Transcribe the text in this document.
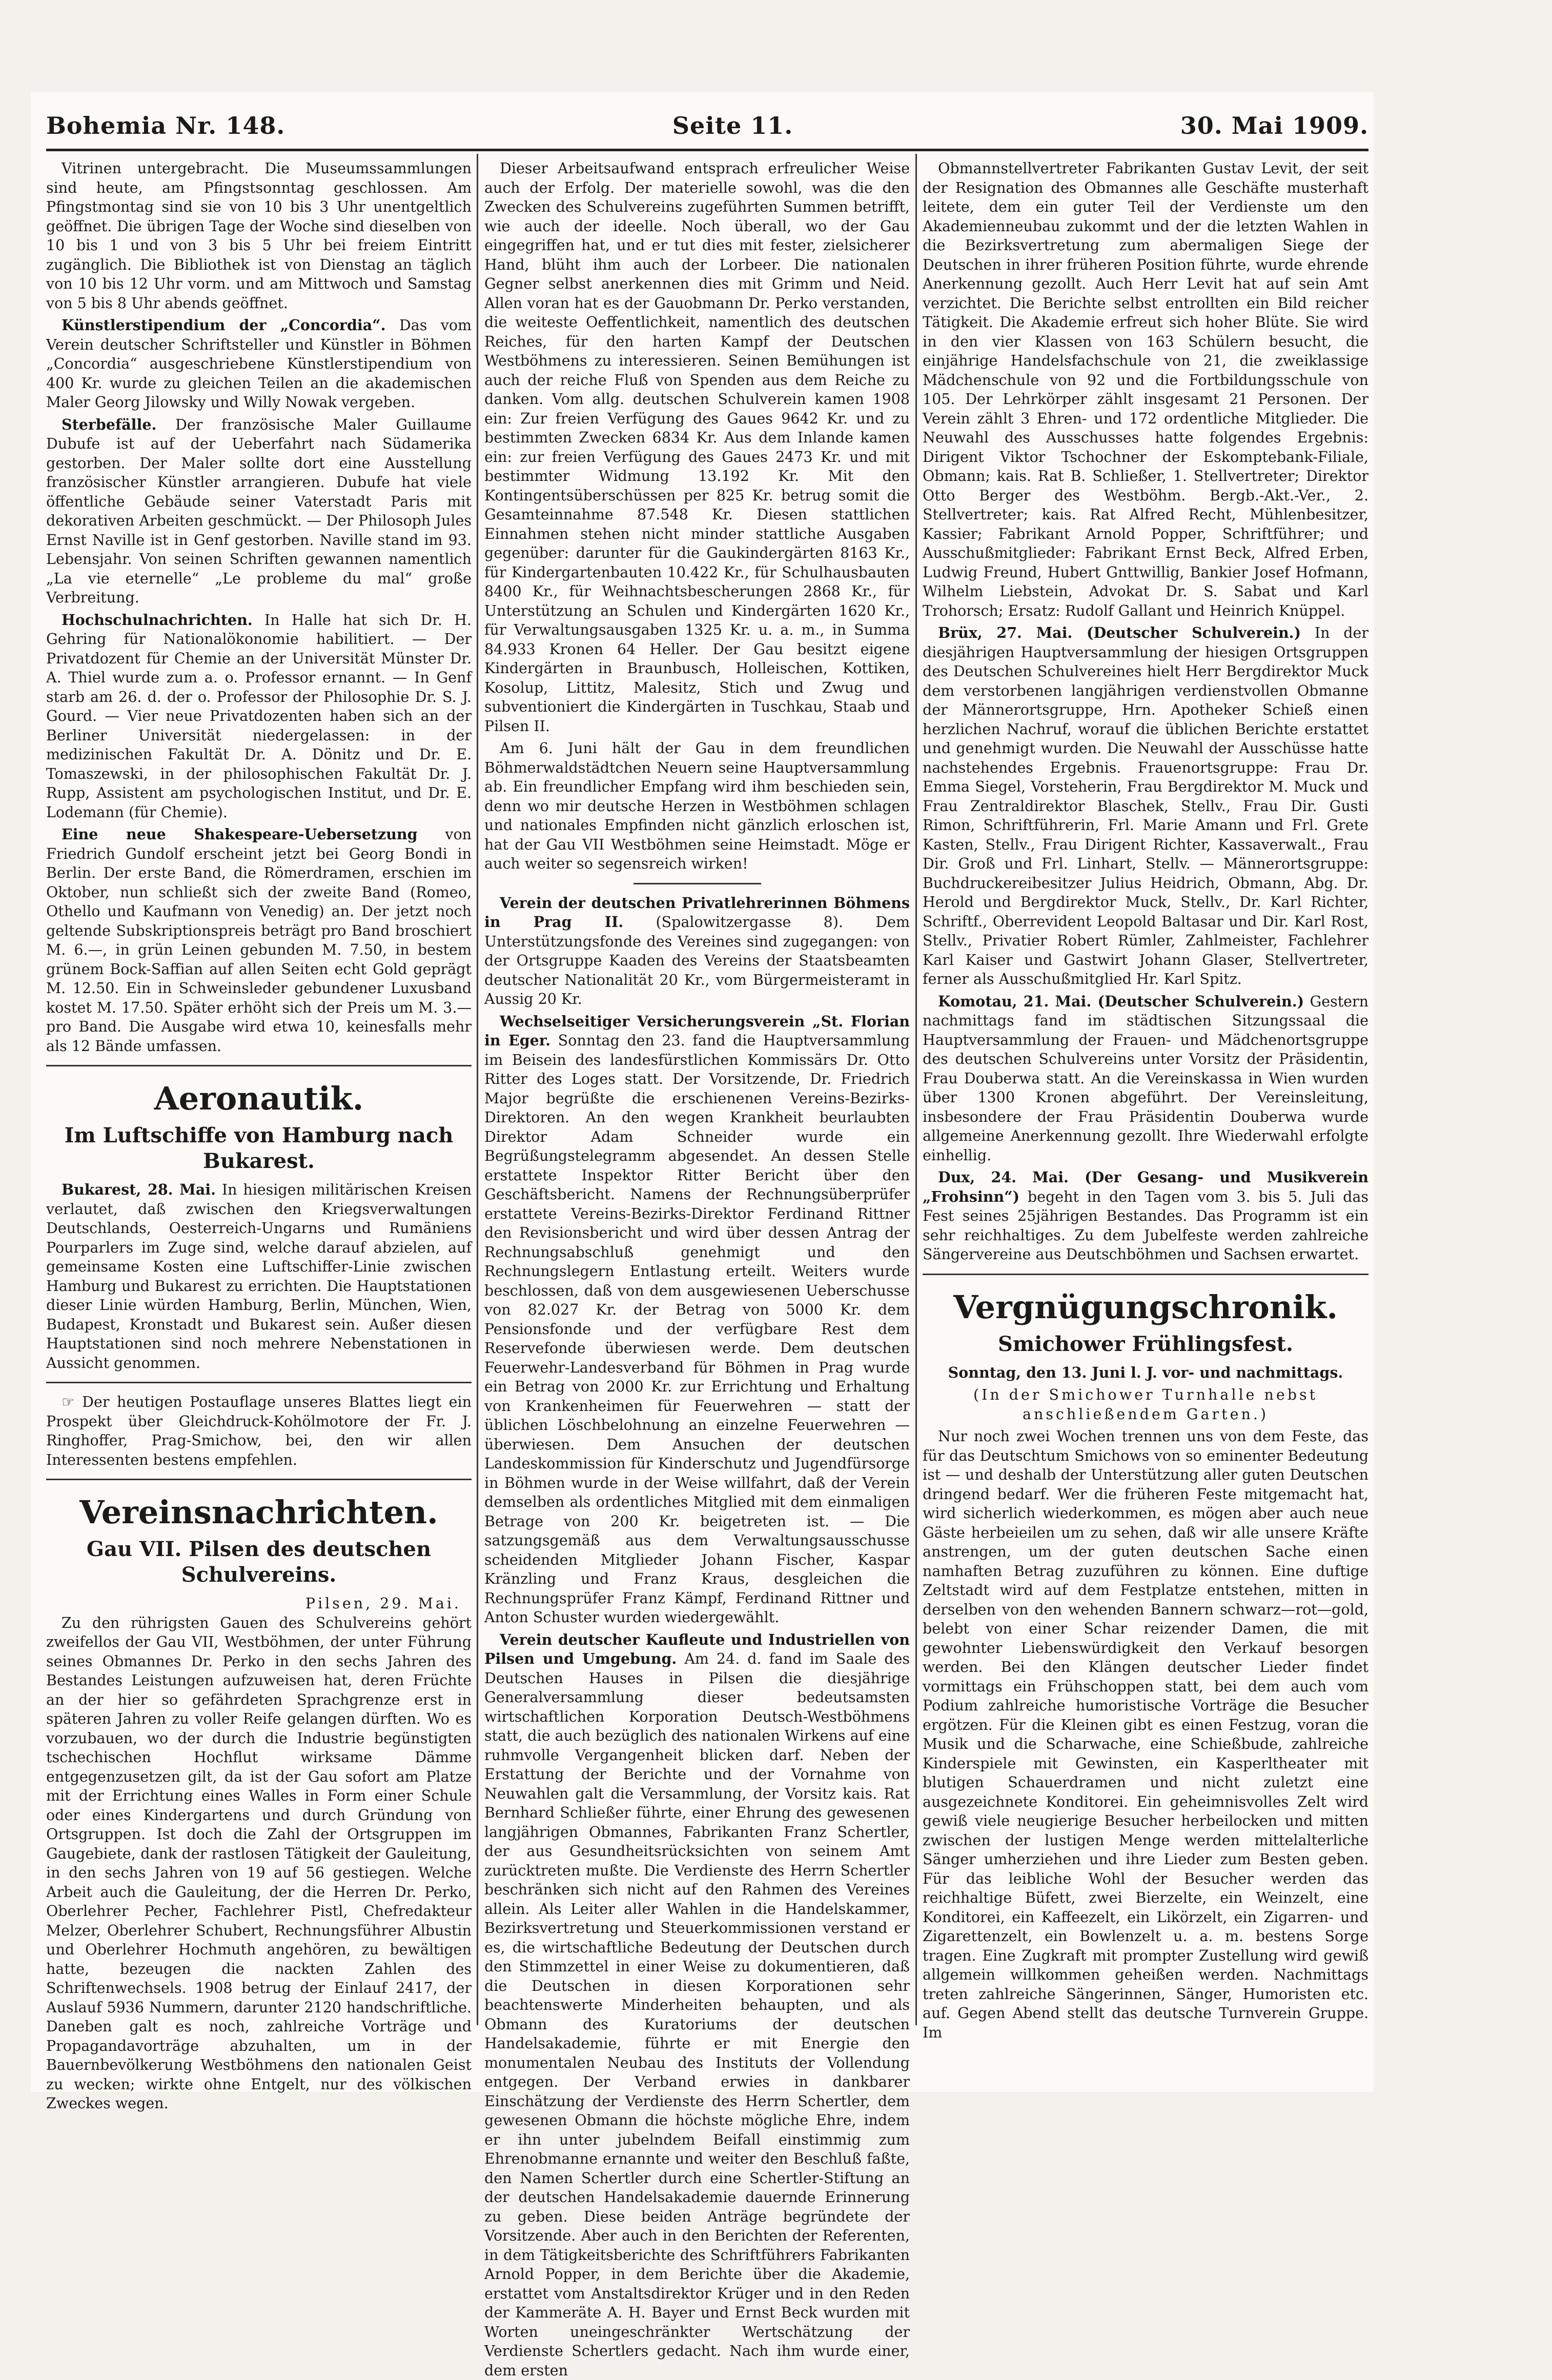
Bohemia Nr. 148.	Seite 11.	30. Mai 1909.

Vitrinen untergebracht. Die Museumssammlungen sind heute, am Pfingstsonntag geschlossen. Am Pfingstmontag sind sie von 10 bis 3 Uhr unentgeltlich geöffnet. Die übrigen Tage der Woche sind dieselben von 10 bis 1 und von 3 bis 5 Uhr bei freiem Eintritt zugänglich. Die Bibliothek ist von Dienstag an täglich von 10 bis 12 Uhr vorm. und am Mittwoch und Samstag von 5 bis 8 Uhr abends geöffnet.

Künstlerstipendium der „Concordia“. Das vom Verein deutscher Schriftsteller und Künstler in Böhmen „Concordia“ ausgeschriebene Künstlerstipendium von 400 Kr. wurde zu gleichen Teilen an die akademischen Maler Georg Jilowsky und Willy Nowak vergeben.

Sterbefälle. Der französische Maler Guillaume Dubufe ist auf der Ueberfahrt nach Südamerika gestorben. Der Maler sollte dort eine Ausstellung französischer Künstler arrangieren. Dubufe hat viele öffentliche Gebäude seiner Vaterstadt Paris mit dekorativen Arbeiten geschmückt. — Der Philosoph Jules Ernst Naville ist in Genf gestorben. Naville stand im 93. Lebensjahr. Von seinen Schriften gewannen namentlich „La vie eternelle“ „Le probleme du mal“ große Verbreitung.

Hochschulnachrichten. In Halle hat sich Dr. H. Gehring für Nationalökonomie habilitiert. — Der Privatdozent für Chemie an der Universität Münster Dr. A. Thiel wurde zum a. o. Professor ernannt. — In Genf starb am 26. d. der o. Professor der Philosophie Dr. S. J. Gourd. — Vier neue Privatdozenten haben sich an der Berliner Universität niedergelassen: in der medizinischen Fakultät Dr. A. Dönitz und Dr. E. Tomaszewski, in der philosophischen Fakultät Dr. J. Rupp, Assistent am psychologischen Institut, und Dr. E. Lodemann (für Chemie).

Eine neue Shakespeare-Uebersetzung von Friedrich Gundolf erscheint jetzt bei Georg Bondi in Berlin. Der erste Band, die Römerdramen, erschien im Oktober, nun schließt sich der zweite Band (Romeo, Othello und Kaufmann von Venedig) an. Der jetzt noch geltende Subskriptionspreis beträgt pro Band broschiert M. 6.—, in grün Leinen gebunden M. 7.50, in bestem grünem Bock-Saffian auf allen Seiten echt Gold geprägt M. 12.50. Ein in Schweinsleder gebundener Luxusband kostet M. 17.50. Später erhöht sich der Preis um M. 3.— pro Band. Die Ausgabe wird etwa 10, keinesfalls mehr als 12 Bände umfassen.

Aeronautik.
Im Luftschiffe von Hamburg nach Bukarest.

Bukarest, 28. Mai. In hiesigen militärischen Kreisen verlautet, daß zwischen den Kriegsverwaltungen Deutschlands, Oesterreich-Ungarns und Rumäniens Pourparlers im Zuge sind, welche darauf abzielen, auf gemeinsame Kosten eine Luftschiffer-Linie zwischen Hamburg und Bukarest zu errichten. Die Hauptstationen dieser Linie würden Hamburg, Berlin, München, Wien, Budapest, Kronstadt und Bukarest sein. Außer diesen Hauptstationen sind noch mehrere Nebenstationen in Aussicht genommen.

☞ Der heutigen Postauflage unseres Blattes liegt ein Prospekt über Gleichdruck-Kohölmotore der Fr. J. Ringhoffer, Prag-Smichow, bei, den wir allen Interessenten bestens empfehlen.

Vereinsnachrichten.
Gau VII. Pilsen des deutschen Schulvereins.
Pilsen, 29. Mai.

Zu den rührigsten Gauen des Schulvereins gehört zweifellos der Gau VII, Westböhmen, der unter Führung seines Obmannes Dr. Perko in den sechs Jahren des Bestandes Leistungen aufzuweisen hat, deren Früchte an der hier so gefährdeten Sprachgrenze erst in späteren Jahren zu voller Reife gelangen dürften. Wo es vorzubauen, wo der durch die Industrie begünstigten tschechischen Hochflut wirksame Dämme entgegenzusetzen gilt, da ist der Gau sofort am Platze mit der Errichtung eines Walles in Form einer Schule oder eines Kindergartens und durch Gründung von Ortsgruppen. Ist doch die Zahl der Ortsgruppen im Gaugebiete, dank der rastlosen Tätigkeit der Gauleitung, in den sechs Jahren von 19 auf 56 gestiegen. Welche Arbeit auch die Gauleitung, der die Herren Dr. Perko, Oberlehrer Pecher, Fachlehrer Pistl, Chefredakteur Melzer, Oberlehrer Schubert, Rechnungsführer Albustin und Oberlehrer Hochmuth angehören, zu bewältigen hatte, bezeugen die nackten Zahlen des Schriftenwechsels. 1908 betrug der Einlauf 2417, der Auslauf 5936 Nummern, darunter 2120 handschriftliche. Daneben galt es noch, zahlreiche Vorträge und Propagandavorträge abzuhalten, um in der Bauernbevölkerung Westböhmens den nationalen Geist zu wecken; wirkte ohne Entgelt, nur des völkischen Zweckes wegen.

Dieser Arbeitsaufwand entsprach erfreulicher Weise auch der Erfolg. Der materielle sowohl, was die den Zwecken des Schulvereins zugeführten Summen betrifft, wie auch der ideelle. Noch überall, wo der Gau eingegriffen hat, und er tut dies mit fester, zielsicherer Hand, blüht ihm auch der Lorbeer. Die nationalen Gegner selbst anerkennen dies mit Grimm und Neid. Allen voran hat es der Gauobmann Dr. Perko verstanden, die weiteste Oeffentlichkeit, namentlich des deutschen Reiches, für den harten Kampf der Deutschen Westböhmens zu interessieren. Seinen Bemühungen ist auch der reiche Fluß von Spenden aus dem Reiche zu danken. Vom allg. deutschen Schulverein kamen 1908 ein: Zur freien Verfügung des Gaues 9642 Kr. und zu bestimmten Zwecken 6834 Kr. Aus dem Inlande kamen ein: zur freien Verfügung des Gaues 2473 Kr. und mit bestimmter Widmung 13.192 Kr. Mit den Kontingentsüberschüssen per 825 Kr. betrug somit die Gesamteinnahme 87.548 Kr. Diesen stattlichen Einnahmen stehen nicht minder stattliche Ausgaben gegenüber: darunter für die Gaukindergärten 8163 Kr., für Kindergartenbauten 10.422 Kr., für Schulhausbauten 8400 Kr., für Weihnachtsbescherungen 2868 Kr., für Unterstützung an Schulen und Kindergärten 1620 Kr., für Verwaltungsausgaben 1325 Kr. u. a. m., in Summa 84.933 Kronen 64 Heller. Der Gau besitzt eigene Kindergärten in Braunbusch, Holleischen, Kottiken, Kosolup, Littitz, Malesitz, Stich und Zwug und subventioniert die Kindergärten in Tuschkau, Staab und Pilsen II.

Am 6. Juni hält der Gau in dem freundlichen Böhmerwaldstädtchen Neuern seine Hauptversammlung ab. Ein freundlicher Empfang wird ihm beschieden sein, denn wo mir deutsche Herzen in Westböhmen schlagen und nationales Empfinden nicht gänzlich erloschen ist, hat der Gau VII Westböhmen seine Heimstadt. Möge er auch weiter so segensreich wirken!

Verein der deutschen Privatlehrerinnen Böhmens in Prag II. (Spalowitzergasse 8). Dem Unterstützungsfonde des Vereines sind zugegangen: von der Ortsgruppe Kaaden des Vereins der Staatsbeamten deutscher Nationalität 20 Kr., vom Bürgermeisteramt in Aussig 20 Kr.

Wechselseitiger Versicherungsverein „St. Florian in Eger. Sonntag den 23. fand die Hauptversammlung im Beisein des landesfürstlichen Kommissärs Dr. Otto Ritter des Loges statt. Der Vorsitzende, Dr. Friedrich Major begrüßte die erschienenen Vereins-Bezirks-Direktoren. An den wegen Krankheit beurlaubten Direktor Adam Schneider wurde ein Begrüßungstelegramm abgesendet. An dessen Stelle erstattete Inspektor Ritter Bericht über den Geschäftsbericht. Namens der Rechnungsüberprüfer erstattete Vereins-Bezirks-Direktor Ferdinand Rittner den Revisionsbericht und wird über dessen Antrag der Rechnungsabschluß genehmigt und den Rechnungslegern Entlastung erteilt. Weiters wurde beschlossen, daß von dem ausgewiesenen Ueberschusse von 82.027 Kr. der Betrag von 5000 Kr. dem Pensionsfonde und der verfügbare Rest dem Reservefonde überwiesen werde. Dem deutschen Feuerwehr-Landesverband für Böhmen in Prag wurde ein Betrag von 2000 Kr. zur Errichtung und Erhaltung von Krankenheimen für Feuerwehren — statt der üblichen Löschbelohnung an einzelne Feuerwehren — überwiesen. Dem Ansuchen der deutschen Landeskommission für Kinderschutz und Jugendfürsorge in Böhmen wurde in der Weise willfahrt, daß der Verein demselben als ordentliches Mitglied mit dem einmaligen Betrage von 200 Kr. beigetreten ist. — Die satzungsgemäß aus dem Verwaltungsausschusse scheidenden Mitglieder Johann Fischer, Kaspar Kränzling und Franz Kraus, desgleichen die Rechnungsprüfer Franz Kämpf, Ferdinand Rittner und Anton Schuster wurden wiedergewählt.

Verein deutscher Kaufleute und Industriellen von Pilsen und Umgebung. Am 24. d. fand im Saale des Deutschen Hauses in Pilsen die diesjährige Generalversammlung dieser bedeutsamsten wirtschaftlichen Korporation Deutsch-Westböhmens statt, die auch bezüglich des nationalen Wirkens auf eine ruhmvolle Vergangenheit blicken darf. Neben der Erstattung der Berichte und der Vornahme von Neuwahlen galt die Versammlung, der Vorsitz kais. Rat Bernhard Schließer führte, einer Ehrung des gewesenen langjährigen Obmannes, Fabrikanten Franz Schertler, der aus Gesundheitsrücksichten von seinem Amt zurücktreten mußte. Die Verdienste des Herrn Schertler beschränken sich nicht auf den Rahmen des Vereines allein. Als Leiter aller Wahlen in die Handelskammer, Bezirksvertretung und Steuerkommissionen verstand er es, die wirtschaftliche Bedeutung der Deutschen durch den Stimmzettel in einer Weise zu dokumentieren, daß die Deutschen in diesen Korporationen sehr beachtenswerte Minderheiten behaupten, und als Obmann des Kuratoriums der deutschen Handelsakademie, führte er mit Energie den monumentalen Neubau des Instituts der Vollendung entgegen. Der Verband erwies in dankbarer Einschätzung der Verdienste des Herrn Schertler, dem gewesenen Obmann die höchste mögliche Ehre, indem er ihn unter jubelndem Beifall einstimmig zum Ehrenobmanne ernannte und weiter den Beschluß faßte, den Namen Schertler durch eine Schertler-Stiftung an der deutschen Handelsakademie dauernde Erinnerung zu geben. Diese beiden Anträge begründete der Vorsitzende. Aber auch in den Berichten der Referenten, in dem Tätigkeitsberichte des Schriftführers Fabrikanten Arnold Popper, in dem Berichte über die Akademie, erstattet vom Anstaltsdirektor Krüger und in den Reden der Kammeräte A. H. Bayer und Ernst Beck wurden mit Worten uneingeschränkter Wertschätzung der Verdienste Schertlers gedacht. Nach ihm wurde einer, dem ersten

Obmannstellvertreter Fabrikanten Gustav Levit, der seit der Resignation des Obmannes alle Geschäfte musterhaft leitete, dem ein guter Teil der Verdienste um den Akademienneubau zukommt und der die letzten Wahlen in die Bezirksvertretung zum abermaligen Siege der Deutschen in ihrer früheren Position führte, wurde ehrende Anerkennung gezollt. Auch Herr Levit hat auf sein Amt verzichtet. Die Berichte selbst entrollten ein Bild reicher Tätigkeit. Die Akademie erfreut sich hoher Blüte. Sie wird in den vier Klassen von 163 Schülern besucht, die einjährige Handelsfachschule von 21, die zweiklassige Mädchenschule von 92 und die Fortbildungsschule von 105. Der Lehrkörper zählt insgesamt 21 Personen. Der Verein zählt 3 Ehren- und 172 ordentliche Mitglieder. Die Neuwahl des Ausschusses hatte folgendes Ergebnis: Dirigent Viktor Tschochner der Eskomptebank-Filiale, Obmann; kais. Rat B. Schließer, 1. Stellvertreter; Direktor Otto Berger des Westböhm. Bergb.-Akt.-Ver., 2. Stellvertreter; kais. Rat Alfred Recht, Mühlenbesitzer, Kassier; Fabrikant Arnold Popper, Schriftführer; und Ausschußmitglieder: Fabrikant Ernst Beck, Alfred Erben, Ludwig Freund, Hubert Gnttwillig, Bankier Josef Hofmann, Wilhelm Liebstein, Advokat Dr. S. Sabat und Karl Trohorsch; Ersatz: Rudolf Gallant und Heinrich Knüppel.

Brüx, 27. Mai. (Deutscher Schulverein.) In der diesjährigen Hauptversammlung der hiesigen Ortsgruppen des Deutschen Schulvereines hielt Herr Bergdirektor Muck dem verstorbenen langjährigen verdienstvollen Obmanne der Männerortsgruppe, Hrn. Apotheker Schieß einen herzlichen Nachruf, worauf die üblichen Berichte erstattet und genehmigt wurden. Die Neuwahl der Ausschüsse hatte nachstehendes Ergebnis. Frauenortsgruppe: Frau Dr. Emma Siegel, Vorsteherin, Frau Bergdirektor M. Muck und Frau Zentraldirektor Blaschek, Stellv., Frau Dir. Gusti Rimon, Schriftführerin, Frl. Marie Amann und Frl. Grete Kasten, Stellv., Frau Dirigent Richter, Kassaverwalt., Frau Dir. Groß und Frl. Linhart, Stellv. — Männerortsgruppe: Buchdruckereibesitzer Julius Heidrich, Obmann, Abg. Dr. Herold und Bergdirektor Muck, Stellv., Dr. Karl Richter, Schriftf., Oberrevident Leopold Baltasar und Dir. Karl Rost, Stellv., Privatier Robert Rümler, Zahlmeister, Fachlehrer Karl Kaiser und Gastwirt Johann Glaser, Stellvertreter, ferner als Ausschußmitglied Hr. Karl Spitz.

Komotau, 21. Mai. (Deutscher Schulverein.) Gestern nachmittags fand im städtischen Sitzungssaal die Hauptversammlung der Frauen- und Mädchenortsgruppe des deutschen Schulvereins unter Vorsitz der Präsidentin, Frau Douberwa statt. An die Vereinskassa in Wien wurden über 1300 Kronen abgeführt. Der Vereinsleitung, insbesondere der Frau Präsidentin Douberwa wurde allgemeine Anerkennung gezollt. Ihre Wiederwahl erfolgte einhellig.

Dux, 24. Mai. (Der Gesang- und Musikverein „Frohsinn“) begeht in den Tagen vom 3. bis 5. Juli das Fest seines 25jährigen Bestandes. Das Programm ist ein sehr reichhaltiges. Zu dem Jubelfeste werden zahlreiche Sängervereine aus Deutschböhmen und Sachsen erwartet.

Vergnügungschronik.
Smichower Frühlingsfest.

Sonntag, den 13. Juni l. J. vor- und nachmittags.

(In der Smichower Turnhalle nebst anschließendem Garten.)

Nur noch zwei Wochen trennen uns von dem Feste, das für das Deutschtum Smichows von so eminenter Bedeutung ist — und deshalb der Unterstützung aller guten Deutschen dringend bedarf. Wer die früheren Feste mitgemacht hat, wird sicherlich wiederkommen, es mögen aber auch neue Gäste herbeieilen um zu sehen, daß wir alle unsere Kräfte anstrengen, um der guten deutschen Sache einen namhaften Betrag zuzuführen zu können. Eine duftige Zeltstadt wird auf dem Festplatze entstehen, mitten in derselben von den wehenden Bannern schwarz—rot—gold, belebt von einer Schar reizender Damen, die mit gewohnter Liebenswürdigkeit den Verkauf besorgen werden. Bei den Klängen deutscher Lieder findet vormittags ein Frühschoppen statt, bei dem auch vom Podium zahlreiche humoristische Vorträge die Besucher ergötzen. Für die Kleinen gibt es einen Festzug, voran die Musik und die Scharwache, eine Schießbude, zahlreiche Kinderspiele mit Gewinsten, ein Kasperltheater mit blutigen Schauerdramen und nicht zuletzt eine ausgezeichnete Konditorei. Ein geheimnisvolles Zelt wird gewiß viele neugierige Besucher herbeilocken und mitten zwischen der lustigen Menge werden mittelalterliche Sänger umherziehen und ihre Lieder zum Besten geben. Für das leibliche Wohl der Besucher werden das reichhaltige Büfett, zwei Bierzelte, ein Weinzelt, eine Konditorei, ein Kaffeezelt, ein Likörzelt, ein Zigarren- und Zigarettenzelt, ein Bowlenzelt u. a. m. bestens Sorge tragen. Eine Zugkraft mit prompter Zustellung wird gewiß allgemein willkommen geheißen werden. Nachmittags treten zahlreiche Sängerinnen, Sänger, Humoristen etc. auf. Gegen Abend stellt das deutsche Turnverein Gruppe. Im
